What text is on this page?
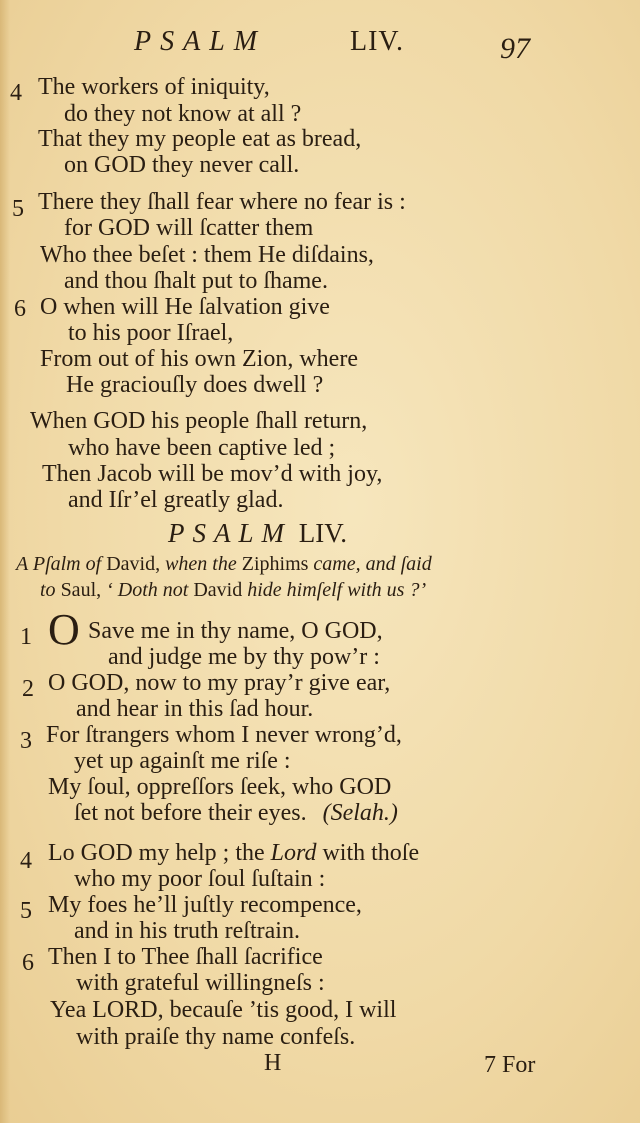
PSALM	LIV.	97
4 The workers of iniquity,
do they not know at all ?
That they my people eat as bread,
on GOD they never call.
5 There they ſhall fear where no fear is :
for GOD will ſcatter them
Who thee beſet : them He diſdains,
and thou ſhalt put to ſhame.
6 O when will He ſalvation give
to his poor Iſrael,
From out of his own Zion, where
He graciouſly does dwell ?
When GOD his people ſhall return,
who have been captive led ;
Then Jacob will be mov’d with joy,
and Iſr’el greatly glad.
PSALM LIV.
A Pſalm of David, when the Ziphims came, and ſaid
to Saul, ‘ Doth not David hide himſelf with us ?’
1 O Save me in thy name, O GOD,
and judge me by thy pow’r :
2 O GOD, now to my pray’r give ear,
and hear in this ſad hour.
3 For ſtrangers whom I never wrong’d,
yet up againſt me riſe :
My ſoul, oppreſſors ſeek, who GOD
ſet not before their eyes. (Selah.)
4 Lo GOD my help ; the Lord with thoſe
who my poor ſoul ſuſtain :
5 My foes he’ll juſtly recompence,
and in his truth reſtrain.
6 Then I to Thee ſhall ſacrifice
with grateful willingneſs :
Yea LORD, becauſe ’tis good, I will
with praiſe thy name confeſs.
H	7 For
